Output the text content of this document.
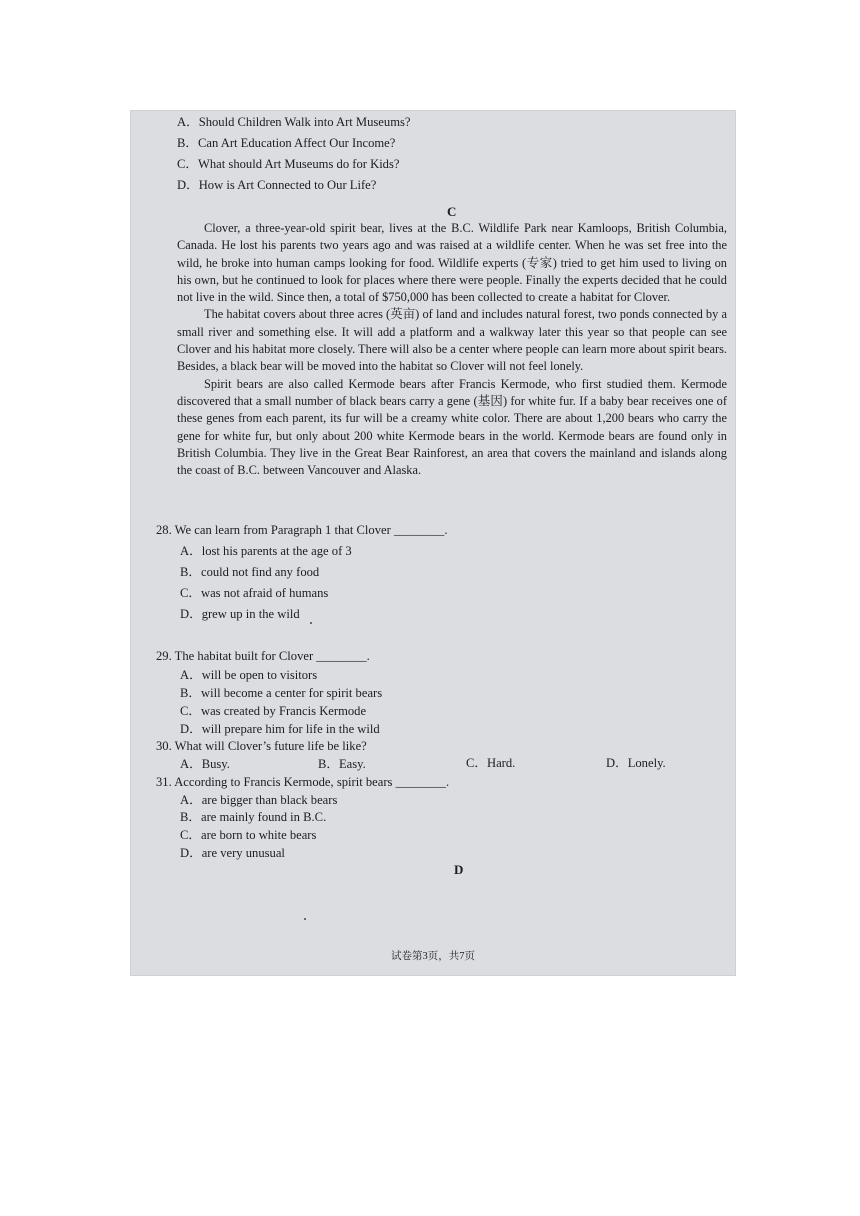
A．Should Children Walk into Art Museums?
B．Can Art Education Affect Our Income?
C．What should Art Museums do for Kids?
D．How is Art Connected to Our Life?
C
Clover, a three-year-old spirit bear, lives at the B.C. Wildlife Park near Kamloops, British Columbia, Canada. He lost his parents two years ago and was raised at a wildlife center. When he was set free into the wild, he broke into human camps looking for food. Wildlife experts (专家) tried to get him used to living on his own, but he continued to look for places where there were people. Finally the experts decided that he could not live in the wild. Since then, a total of $750,000 has been collected to create a habitat for Clover.
The habitat covers about three acres (英亩) of land and includes natural forest, two ponds connected by a small river and something else. It will add a platform and a walkway later this year so that people can see Clover and his habitat more closely. There will also be a center where people can learn more about spirit bears. Besides, a black bear will be moved into the habitat so Clover will not feel lonely.
Spirit bears are also called Kermode bears after Francis Kermode, who first studied them. Kermode discovered that a small number of black bears carry a gene (基因) for white fur. If a baby bear receives one of these genes from each parent, its fur will be a creamy white color. There are about 1,200 bears who carry the gene for white fur, but only about 200 white Kermode bears in the world. Kermode bears are found only in British Columbia. They live in the Great Bear Rainforest, an area that covers the mainland and islands along the coast of B.C. between Vancouver and Alaska.
28. We can learn from Paragraph 1 that Clover ________.
A．lost his parents at the age of 3
B．could not find any food
C．was not afraid of humans
D．grew up in the wild
29. The habitat built for Clover ________.
A．will be open to visitors
B．will become a center for spirit bears
C．was created by Francis Kermode
D．will prepare him for life in the wild
30. What will Clover’s future life be like?
A．Busy.	B．Easy.	C．Hard.	D．Lonely.
31. According to Francis Kermode, spirit bears ________.
A．are bigger than black bears
B．are mainly found in B.C.
C．are born to white bears
D．are very unusual
D
试卷第3页，共7页
